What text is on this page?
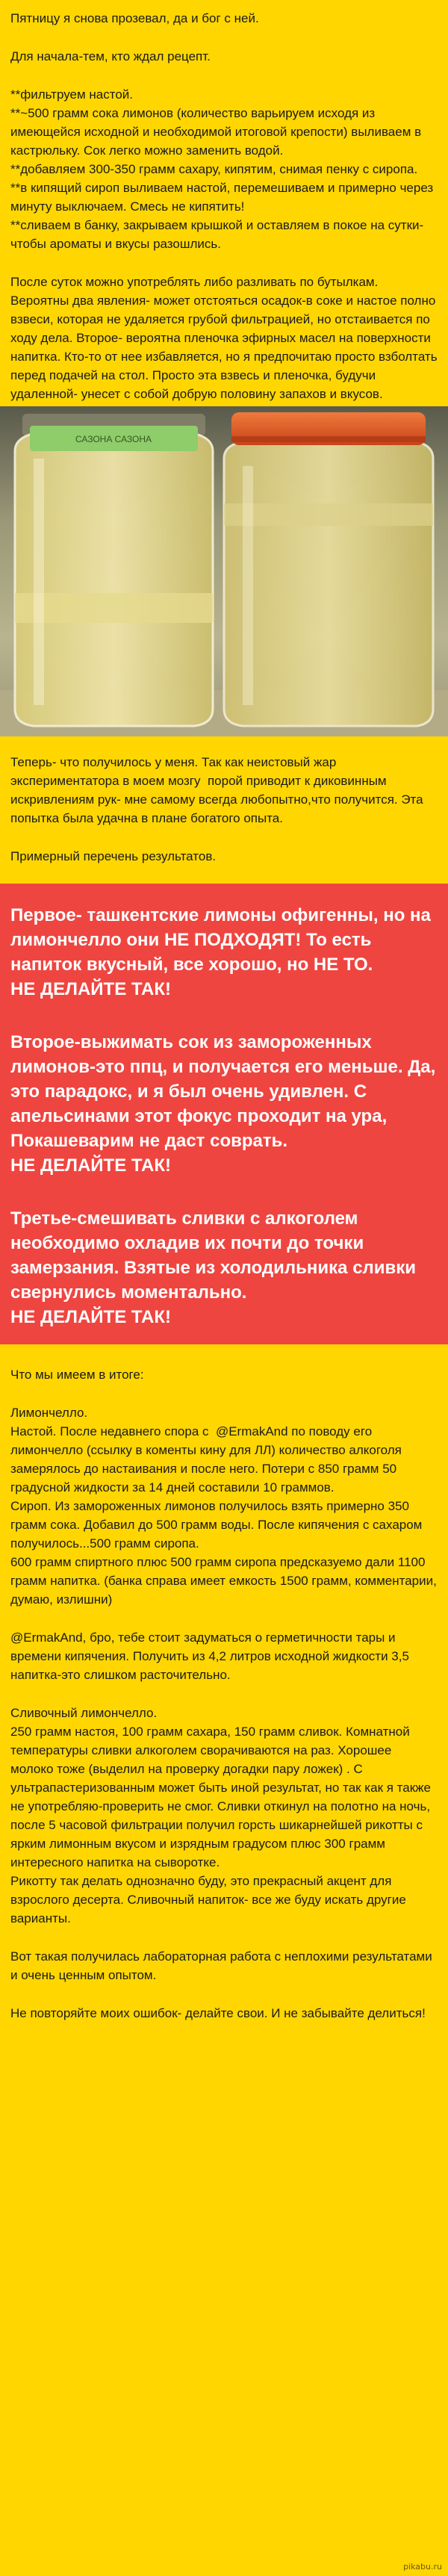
Пятницу я снова прозевал, да и бог с ней.

Для начала-тем, кто ждал рецепт.

**фильтруем настой.
**~500 грамм сока лимонов (количество варьируем исходя из имеющейся исходной и необходимой итоговой крепости) выливаем в кастрюльку. Сок легко можно заменить водой.
**добавляем 300-350 грамм сахару, кипятим, снимая пенку с сиропа.
**в кипящий сироп выливаем настой, перемешиваем и примерно через минуту выключаем. Смесь не кипятить!
**сливаем в банку, закрываем крышкой и оставляем в покое на сутки-чтобы ароматы и вкусы разошлись.

После суток можно употреблять либо разливать по бутылкам. Вероятны два явления- может отстояться осадок-в соке и настое полно взвеси, которая не удаляется грубой фильтрацией, но отстаивается по ходу дела. Второе- вероятна пленочка эфирных масел на поверхности напитка. Кто-то от нее избавляется, но я предпочитаю просто взболтать перед подачей на стол. Просто эта взвесь и пленочка, будучи удаленной- унесет с собой добрую половину запахов и вкусов.

САЗОНА САЗОНА

Теперь- что получилось у меня. Так как неистовый жар экспериментатора в моем мозгу  порой приводит к диковинным искривлениям рук- мне самому всегда любопытно,что получится. Эта попытка была удачна в плане богатого опыта.

Примерный перечень результатов.

Первое- ташкентские лимоны офигенны, но на лимончелло они НЕ ПОДХОДЯТ! То есть напиток вкусный, все хорошо, но НЕ ТО.
НЕ ДЕЛАЙТЕ ТАК!

Второе-выжимать сок из замороженных лимонов-это ппц, и получается его меньше. Да, это парадокс, и я был очень удивлен. С апельсинами этот фокус проходит на ура, Покашеварим не даст соврать.
НЕ ДЕЛАЙТЕ ТАК!

Третье-смешивать сливки с алкоголем необходимо охладив их почти до точки замерзания. Взятые из холодильника сливки свернулись моментально.
НЕ ДЕЛАЙТЕ ТАК!

Что мы имеем в итоге:

Лимончелло.
Настой. После недавнего спора с  @ErmakAnd по поводу его лимончелло (ссылку в коменты кину для ЛЛ) количество алкоголя замерялось до настаивания и после него. Потери с 850 грамм 50 градусной жидкости за 14 дней составили 10 граммов.
Сироп. Из замороженных лимонов получилось взять примерно 350 грамм сока. Добавил до 500 грамм воды. После кипячения с сахаром получилось...500 грамм сиропа.
600 грамм спиртного плюс 500 грамм сиропа предсказуемо дали 1100 грамм напитка. (банка справа имеет емкость 1500 грамм, комментарии, думаю, излишни)

@ErmakAnd, бро, тебе стоит задуматься о герметичности тары и времени кипячения. Получить из 4,2 литров исходной жидкости 3,5 напитка-это слишком расточительно.

Сливочный лимончелло.
250 грамм настоя, 100 грамм сахара, 150 грамм сливок. Комнатной температуры сливки алкоголем сворачиваются на раз. Хорошее молоко тоже (выделил на проверку догадки пару ложек) . С ультрапастеризованным может быть иной результат, но так как я также не употребляю-проверить не смог. Сливки откинул на полотно на ночь, после 5 часовой фильтрации получил горсть шикарнейшей рикотты с ярким лимонным вкусом и изрядным градусом плюс 300 грамм интересного напитка на сыворотке.
Рикотту так делать однозначно буду, это прекрасный акцент для взрослого десерта. Сливочный напиток- все же буду искать другие варианты.

Вот такая получилась лабораторная работа с неплохими результатами и очень ценным опытом.

Не повторяйте моих ошибок- делайте свои. И не забывайте делиться!

pikabu.ru
